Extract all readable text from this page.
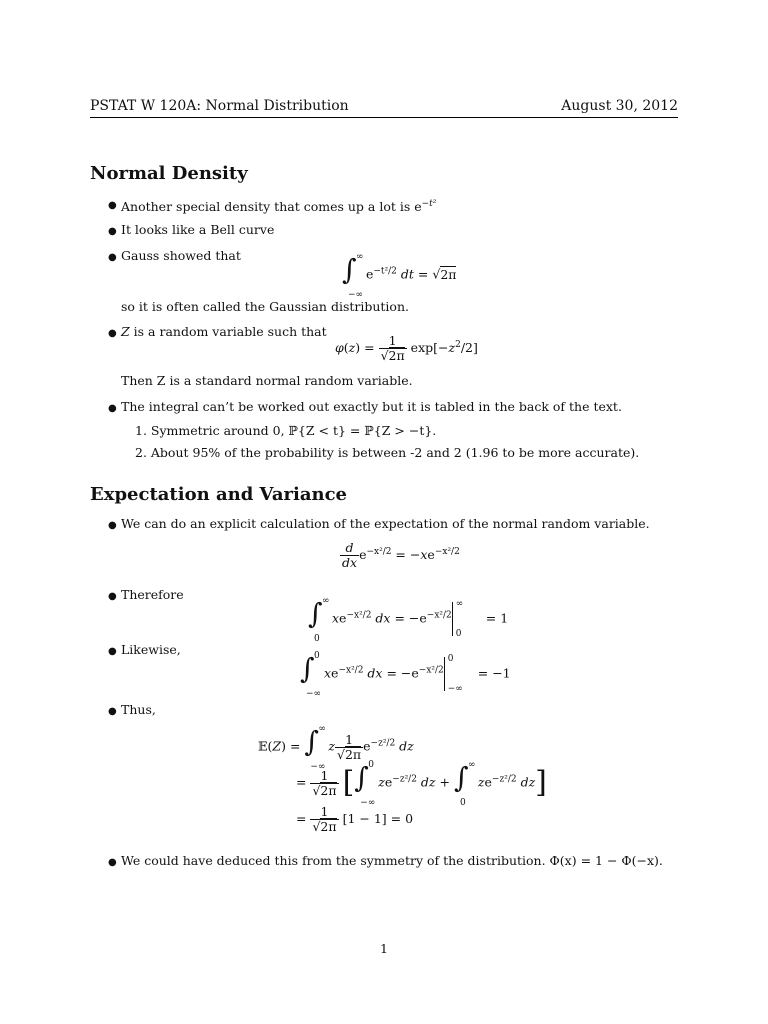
PSTAT W 120A: Normal Distribution	August 30, 2012
Normal Density
● Another special density that comes up a lot is $e^{-t^2}$
● It looks like a Bell curve
● Gauss showed that	∫ ∞
−∞
$e^{-t^2/2}$ dt = √2π
so it is often called the Gaussian distribution.
● Z is a random variable such that
$\varphi(z) = \frac{1}{√2\pi} \exp[-z^2/2]$
Then Z is a standard normal random variable.
● The integral can’t be worked out exactly but it is tabled in the back of the text.
1. Symmetric around 0, ℙ{Z < t} = ℙ{Z > −t}.
2. About 95% of the probability is between -2 and 2 (1.96 to be more accurate).
Expectation and Variance
● We can do an explicit calculation of the expectation of the normal random variable.
$\frac{d}{dx} e^{-x^2/2} = -xe^{-x^2/2}$
● Therefore
∫ ∞
0
$xe^{-x^2/2}$ dx = $-e^{-x^2/2}$
∞
0
= 1
● Likewise,
∫ 0
−∞
$xe^{-x^2/2}$ dx = $-e^{-x^2/2}$
0
−∞
= −1
● Thus,
𝔼(Z) = ∫ ∞
−∞
z $\frac{1}{√2\pi} e^{-z^2/2}$ dz
= $\frac{1}{√2\pi}$ [ ∫ 0
−∞
$ze^{-z^2/2}$ dz + ∫ ∞
0
$ze^{-z^2/2}$ dz]
= $\frac{1}{√2\pi} [1 - 1] = 0$
● We could have deduced this from the symmetry of the distribution. Φ(x) = 1 − Φ(−x).
1
